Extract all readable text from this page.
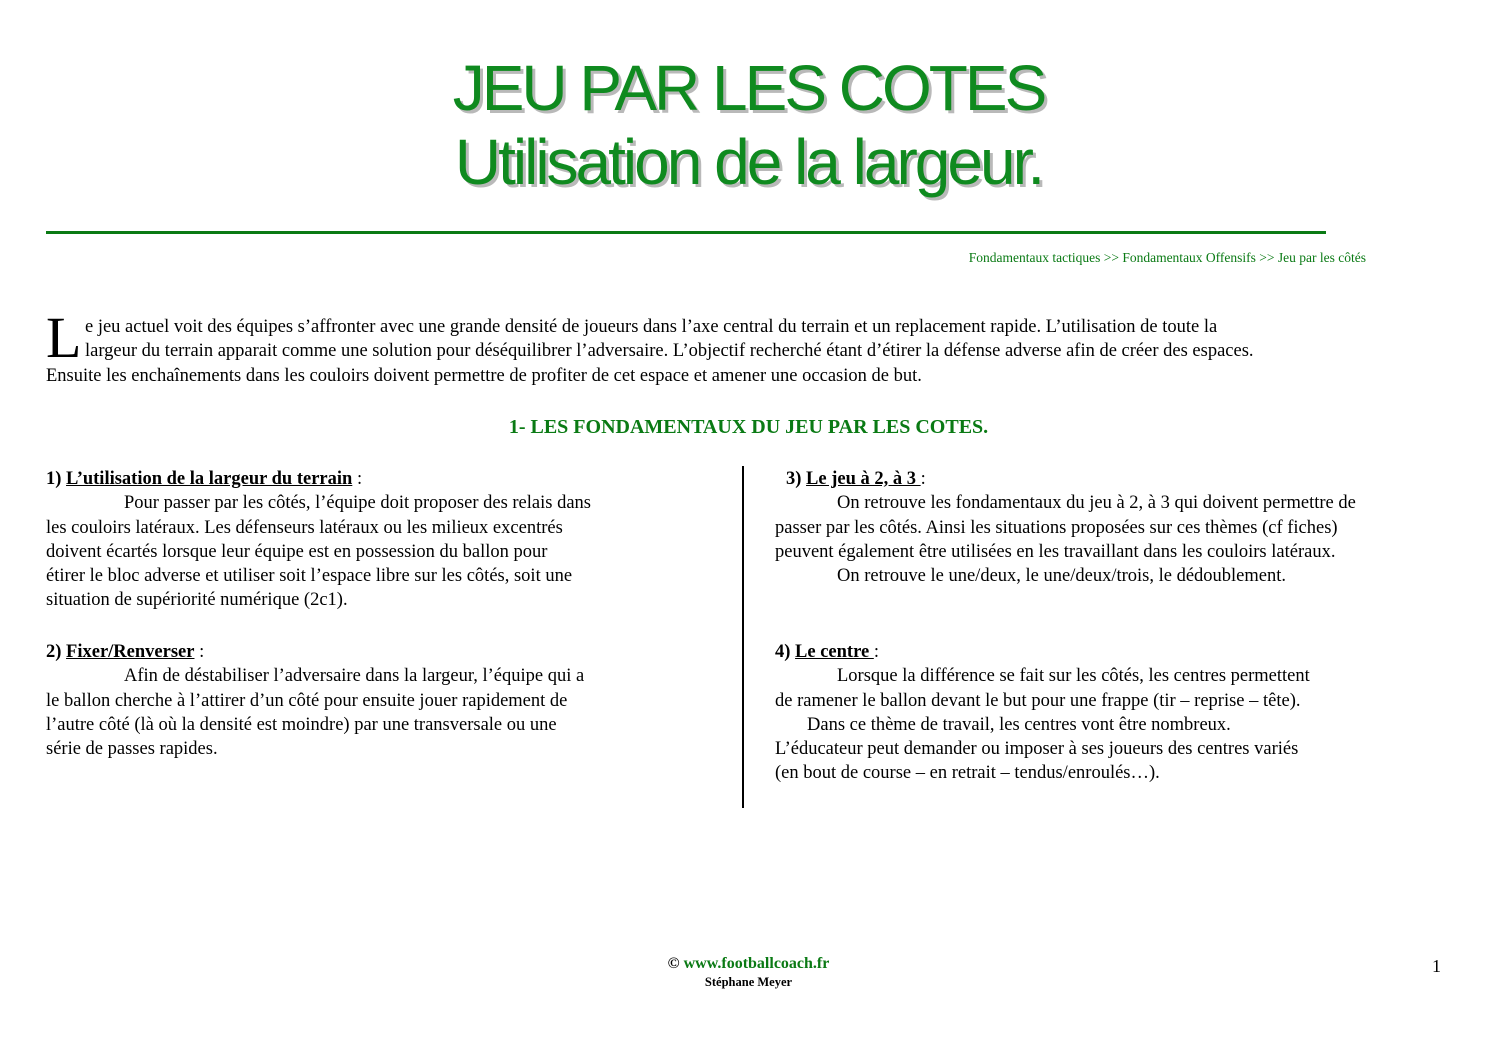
JEU PAR LES COTES
Utilisation de la largeur.
Fondamentaux tactiques >> Fondamentaux Offensifs >> Jeu par les côtés
L e jeu actuel voit des équipes s’affronter avec une grande densité de joueurs dans l’axe central du terrain et un replacement rapide. L’utilisation de toute la
largeur du terrain apparait comme une solution pour déséquilibrer l’adversaire. L’objectif recherché étant d’étirer la défense adverse afin de créer des espaces.
Ensuite les enchaînements dans les couloirs doivent permettre de profiter de cet espace et amener une occasion de but.
1- LES FONDAMENTAUX DU JEU PAR LES COTES.
1) L’utilisation de la largeur du terrain :
Pour passer par les côtés, l’équipe doit proposer des relais dans
les couloirs latéraux. Les défenseurs latéraux ou les milieux excentrés
doivent écartés lorsque leur équipe est en possession du ballon pour
étirer le bloc adverse et utiliser soit l’espace libre sur les côtés, soit une
situation de supériorité numérique (2c1).
2) Fixer/Renverser :
Afin de déstabiliser l’adversaire dans la largeur, l’équipe qui a
le ballon cherche à l’attirer d’un côté pour ensuite jouer rapidement de
l’autre côté (là où la densité est moindre) par une transversale ou une
série de passes rapides.
3) Le jeu à 2, à 3 :
On retrouve les fondamentaux du jeu à 2, à 3 qui doivent permettre de
passer par les côtés. Ainsi les situations proposées sur ces thèmes (cf fiches)
peuvent également être utilisées en les travaillant dans les couloirs latéraux.
On retrouve le une/deux, le une/deux/trois, le dédoublement.
4) Le centre :
Lorsque la différence se fait sur les côtés, les centres permettent
de ramener le ballon devant le but pour une frappe (tir – reprise – tête).
Dans ce thème de travail, les centres vont être nombreux.
L’éducateur peut demander ou imposer à ses joueurs des centres variés
(en bout de course – en retrait – tendus/enroulés…).
© www.footballcoach.fr
Stéphane Meyer
1
